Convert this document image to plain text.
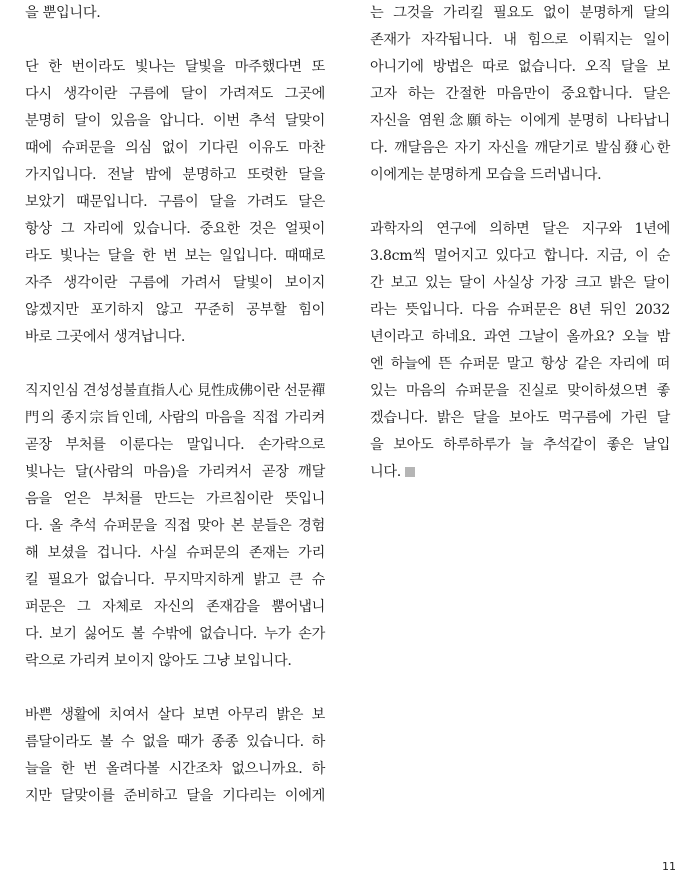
을 뿐입니다.
단 한 번이라도 빛나는 달빛을 마주했다면 또
다시 생각이란 구름에 달이 가려져도 그곳에
분명히 달이 있음을 압니다. 이번 추석 달맞이
때에 슈퍼문을 의심 없이 기다린 이유도 마찬
가지입니다. 전날 밤에 분명하고 또렷한 달을
보았기 때문입니다. 구름이 달을 가려도 달은
항상 그 자리에 있습니다. 중요한 것은 얼핏이
라도 빛나는 달을 한 번 보는 일입니다. 때때로
자주 생각이란 구름에 가려서 달빛이 보이지
않겠지만 포기하지 않고 꾸준히 공부할 힘이
바로 그곳에서 생겨납니다.
직지인심 견성성불直指人心 見性成佛이란 선문禪
門의 종지宗旨인데, 사람의 마음을 직접 가리켜
곧장 부처를 이룬다는 말입니다. 손가락으로
빛나는 달(사람의 마음)을 가리켜서 곧장 깨달
음을 얻은 부처를 만드는 가르침이란 뜻입니
다. 올 추석 슈퍼문을 직접 맞아 본 분들은 경험
해 보셨을 겁니다. 사실 슈퍼문의 존재는 가리
킬 필요가 없습니다. 무지막지하게 밝고 큰 슈
퍼문은 그 자체로 자신의 존재감을 뿜어냅니
다. 보기 싫어도 볼 수밖에 없습니다. 누가 손가
락으로 가리켜 보이지 않아도 그냥 보입니다.
바쁜 생활에 치여서 살다 보면 아무리 밝은 보
름달이라도 볼 수 없을 때가 종종 있습니다. 하
늘을 한 번 올려다볼 시간조차 없으니까요. 하
지만 달맞이를 준비하고 달을 기다리는 이에게
는 그것을 가리킬 필요도 없이 분명하게 달의
존재가 자각됩니다. 내 힘으로 이뤄지는 일이
아니기에 방법은 따로 없습니다. 오직 달을 보
고자 하는 간절한 마음만이 중요합니다. 달은
자신을 염원念願하는 이에게 분명히 나타납니
다. 깨달음은 자기 자신을 깨닫기로 발심發心한
이에게는 분명하게 모습을 드러냅니다.
과학자의 연구에 의하면 달은 지구와 1년에
3.8cm씩 멀어지고 있다고 합니다. 지금, 이 순
간 보고 있는 달이 사실상 가장 크고 밝은 달이
라는 뜻입니다. 다음 슈퍼문은 8년 뒤인 2032
년이라고 하네요. 과연 그날이 올까요? 오늘 밤
엔 하늘에 뜬 슈퍼문 말고 항상 같은 자리에 떠
있는 마음의 슈퍼문을 진실로 맞이하셨으면 좋
겠습니다. 밝은 달을 보아도 먹구름에 가린 달
을 보아도 하루하루가 늘 추석같이 좋은 날입
니다.
11
